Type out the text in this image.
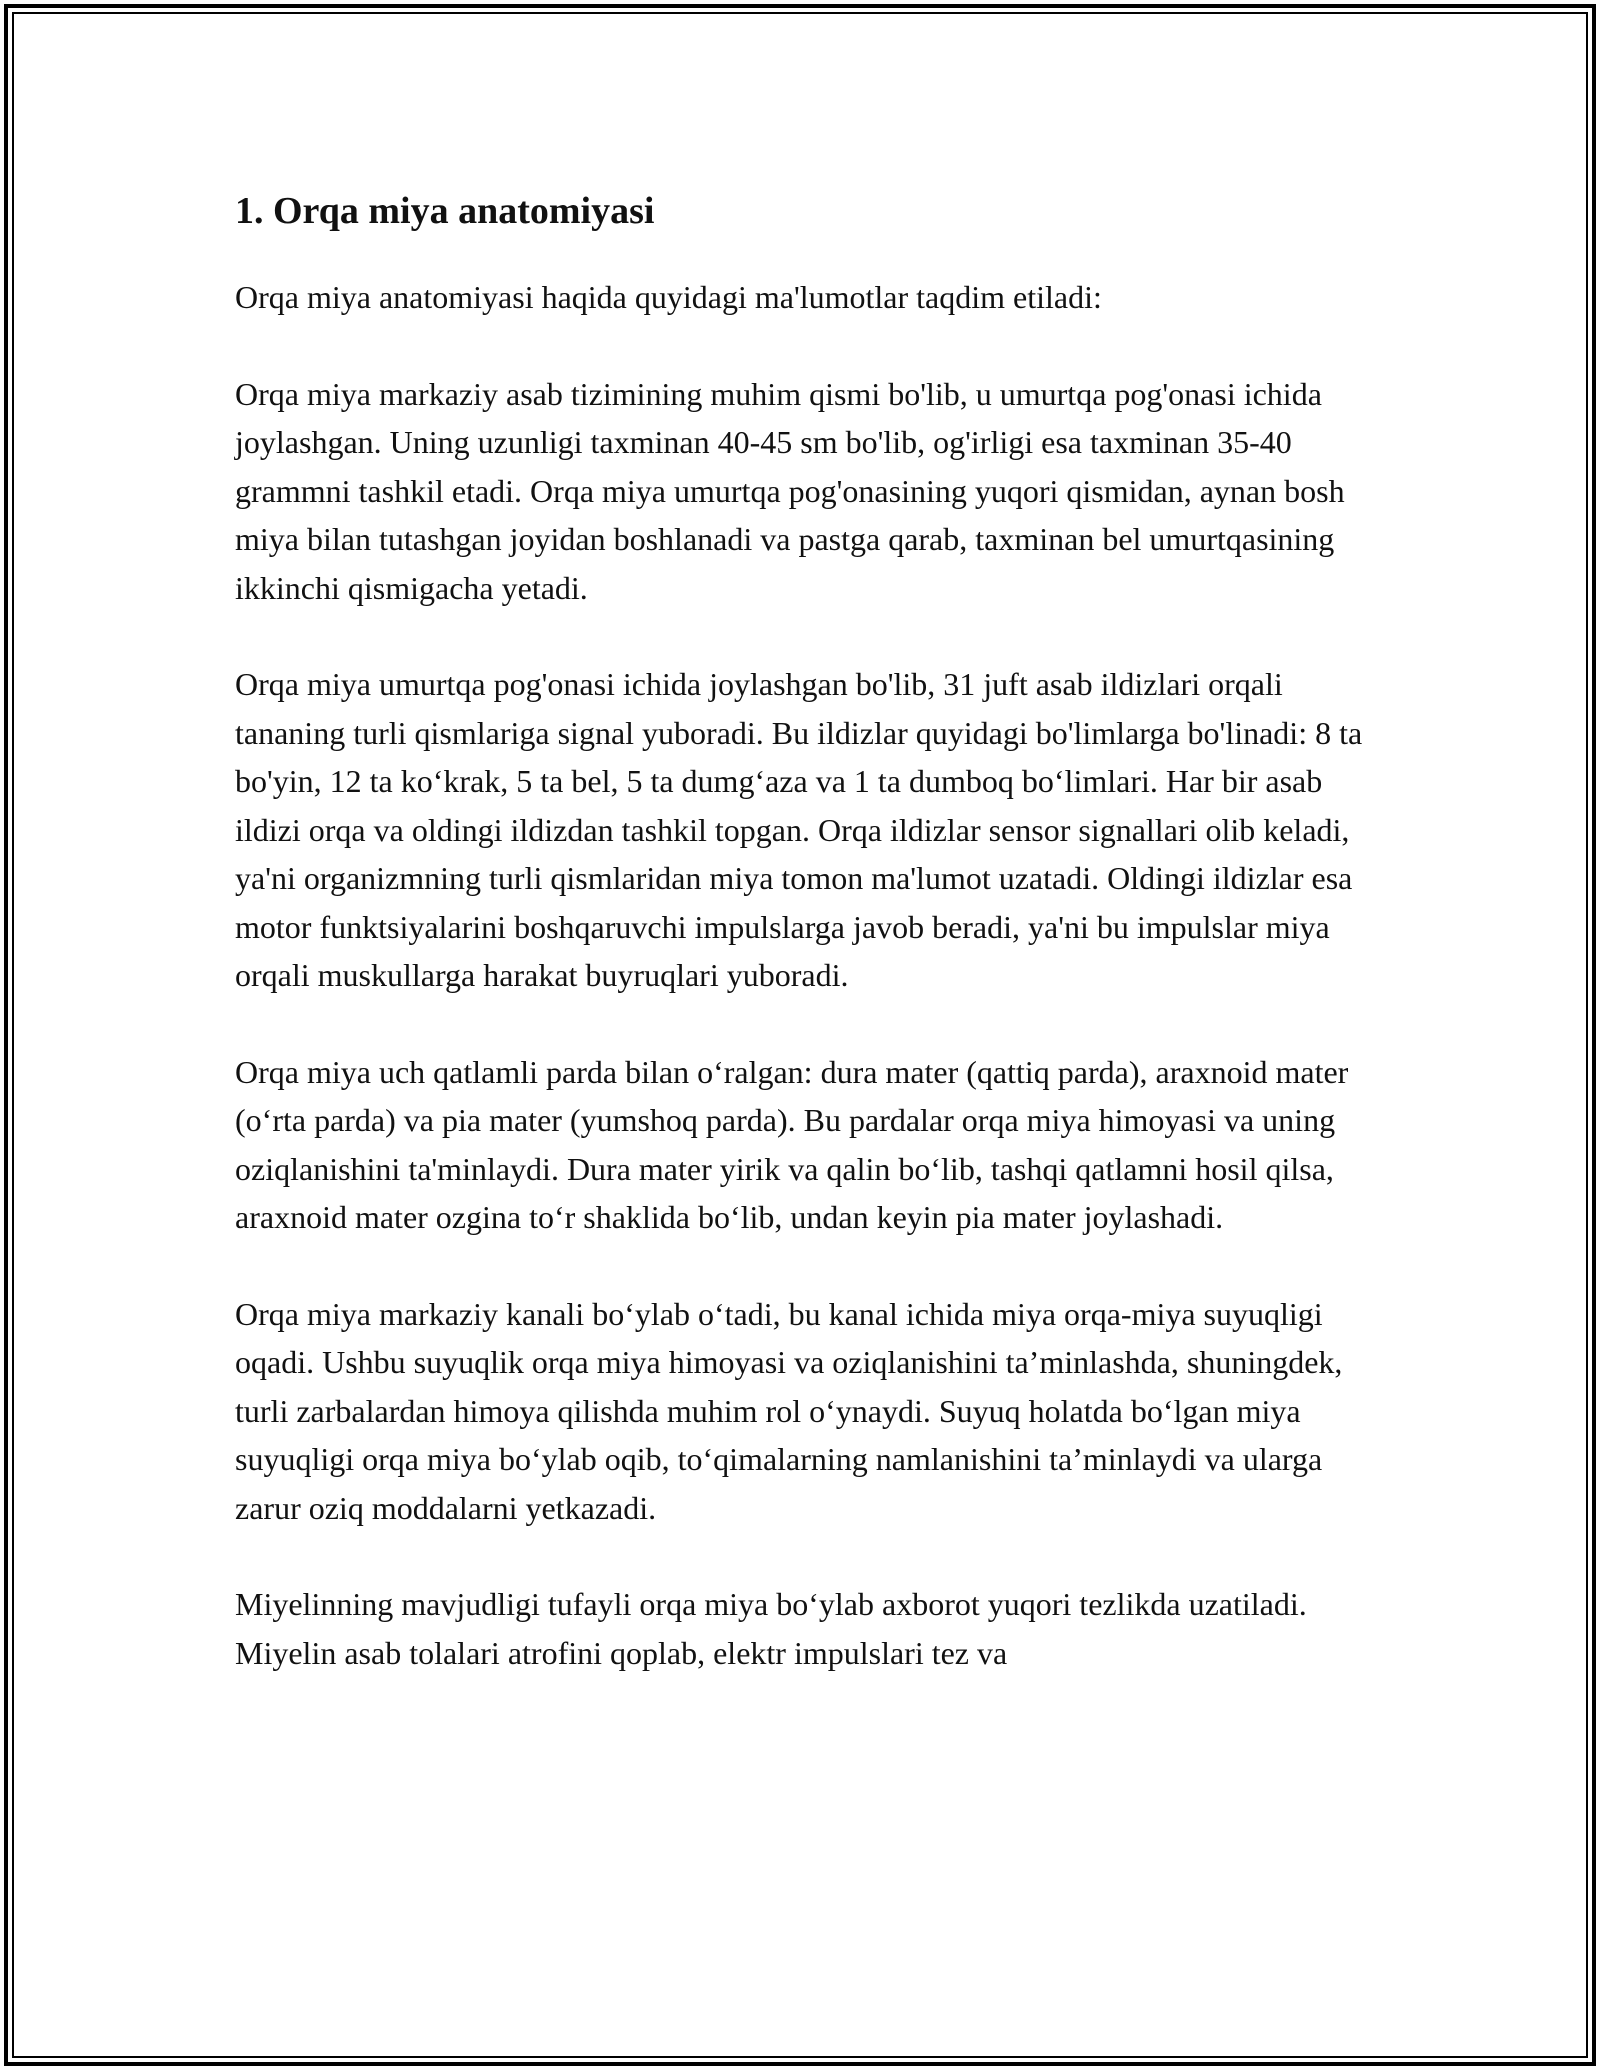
1. Orqa miya anatomiyasi

Orqa miya anatomiyasi haqida quyidagi ma'lumotlar taqdim etiladi:

Orqa miya markaziy asab tizimining muhim qismi bo'lib, u umurtqa pog'onasi ichida joylashgan. Uning uzunligi taxminan 40-45 sm bo'lib, og'irligi esa taxminan 35-40 grammni tashkil etadi. Orqa miya umurtqa pog'onasining yuqori qismidan, aynan bosh miya bilan tutashgan joyidan boshlanadi va pastga qarab, taxminan bel umurtqasining ikkinchi qismigacha yetadi.

Orqa miya umurtqa pog'onasi ichida joylashgan bo'lib, 31 juft asab ildizlari orqali tananing turli qismlariga signal yuboradi. Bu ildizlar quyidagi bo'limlarga bo'linadi: 8 ta bo'yin, 12 ta ko‘krak, 5 ta bel, 5 ta dumg‘aza va 1 ta dumboq bo‘limlari. Har bir asab ildizi orqa va oldingi ildizdan tashkil topgan. Orqa ildizlar sensor signallari olib keladi, ya'ni organizmning turli qismlaridan miya tomon ma'lumot uzatadi. Oldingi ildizlar esa motor funktsiyalarini boshqaruvchi impulslarga javob beradi, ya'ni bu impulslar miya orqali muskullarga harakat buyruqlari yuboradi.

Orqa miya uch qatlamli parda bilan o‘ralgan: dura mater (qattiq parda), araxnoid mater (o‘rta parda) va pia mater (yumshoq parda). Bu pardalar orqa miya himoyasi va uning oziqlanishini ta'minlaydi. Dura mater yirik va qalin bo‘lib, tashqi qatlamni hosil qilsa, araxnoid mater ozgina to‘r shaklida bo‘lib, undan keyin pia mater joylashadi.

Orqa miya markaziy kanali bo‘ylab o‘tadi, bu kanal ichida miya orqa-miya suyuqligi oqadi. Ushbu suyuqlik orqa miya himoyasi va oziqlanishini ta’minlashda, shuningdek, turli zarbalardan himoya qilishda muhim rol o‘ynaydi. Suyuq holatda bo‘lgan miya suyuqligi orqa miya bo‘ylab oqib, to‘qimalarning namlanishini ta’minlaydi va ularga zarur oziq moddalarni yetkazadi.

Miyelinning mavjudligi tufayli orqa miya bo‘ylab axborot yuqori tezlikda uzatiladi. Miyelin asab tolalari atrofini qoplab, elektr impulslari tez va
